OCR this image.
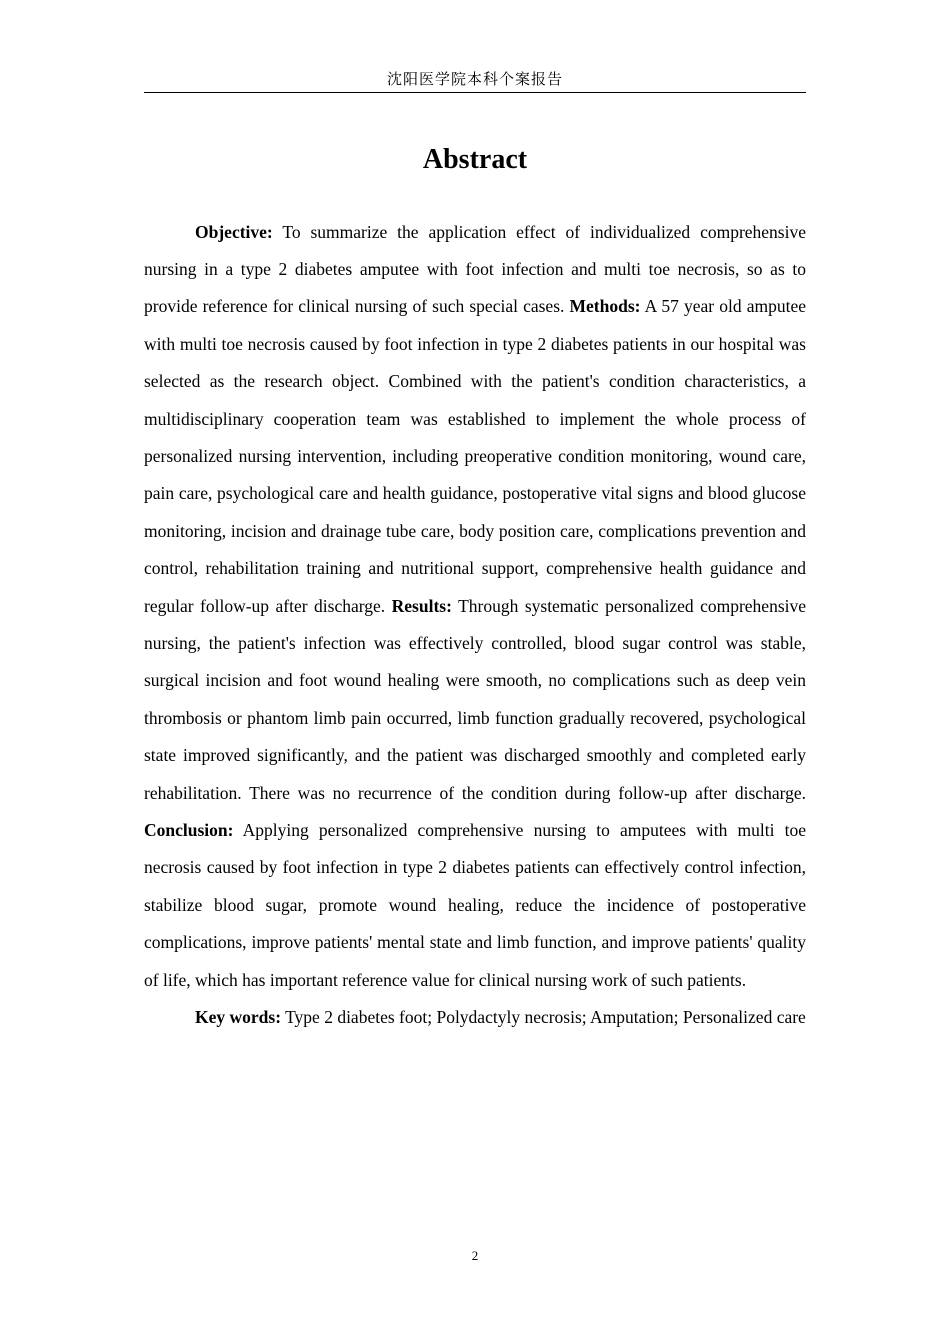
沈阳医学院本科个案报告
Abstract

Objective: To summarize the application effect of individualized comprehensive nursing in a type 2 diabetes amputee with foot infection and multi toe necrosis, so as to provide reference for clinical nursing of such special cases. Methods: A 57 year old amputee with multi toe necrosis caused by foot infection in type 2 diabetes patients in our hospital was selected as the research object. Combined with the patient's condition characteristics, a multidisciplinary cooperation team was established to implement the whole process of personalized nursing intervention, including preoperative condition monitoring, wound care, pain care, psychological care and health guidance, postoperative vital signs and blood glucose monitoring, incision and drainage tube care, body position care, complications prevention and control, rehabilitation training and nutritional support, comprehensive health guidance and regular follow-up after discharge. Results: Through systematic personalized comprehensive nursing, the patient's infection was effectively controlled, blood sugar control was stable, surgical incision and foot wound healing were smooth, no complications such as deep vein thrombosis or phantom limb pain occurred, limb function gradually recovered, psychological state improved significantly, and the patient was discharged smoothly and completed early rehabilitation. There was no recurrence of the condition during follow-up after discharge. Conclusion: Applying personalized comprehensive nursing to amputees with multi toe necrosis caused by foot infection in type 2 diabetes patients can effectively control infection, stabilize blood sugar, promote wound healing, reduce the incidence of postoperative complications, improve patients' mental state and limb function, and improve patients' quality of life, which has important reference value for clinical nursing work of such patients.

Key words: Type 2 diabetes foot; Polydactyly necrosis; Amputation; Personalized care

2
